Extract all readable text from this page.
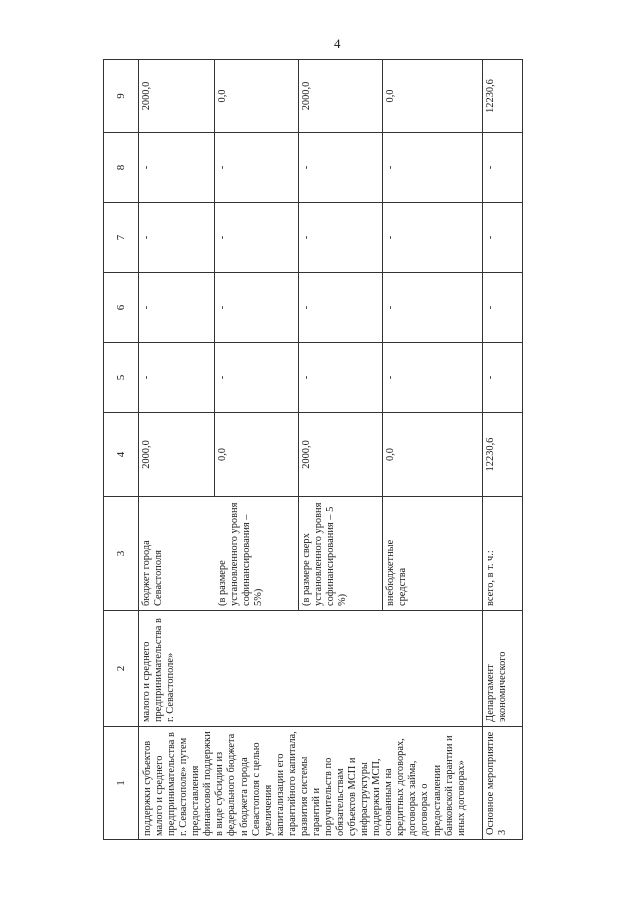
4
1	2	3	4	5	6	7	8	9
поддержки субъектов малого и среднего предпринимательства в г. Севастополе» путем предоставления финансовой поддержки в виде субсидии из федерального бюджета и бюджета города Севастополя с целью увеличения капитализации его гарантийного капитала, развития системы гарантий и поручительств по обязательствам субъектов МСП и инфраструктуры поддержки МСП, основанным на кредитных договорах, договорах займа, договорах о предоставлении банковской гарантии и иных договорах»	малого и среднего предпринимательства в г. Севастополе»	бюджет города Севастополя	2000,0	-	-	-	-	2000,0
		(в размере установленного уровня софинансирования – 5%)	0,0	-	-	-	-	0,0
		(в размере сверх установленного уровня софинансирования – 5 %)	2000,0	-	-	-	-	2000,0
		внебюджетные средства	0,0	-	-	-	-	0,0
Основное мероприятие 3	Департамент экономического	всего, в т. ч.:	12230,6	-	-	-	-	12230,6
